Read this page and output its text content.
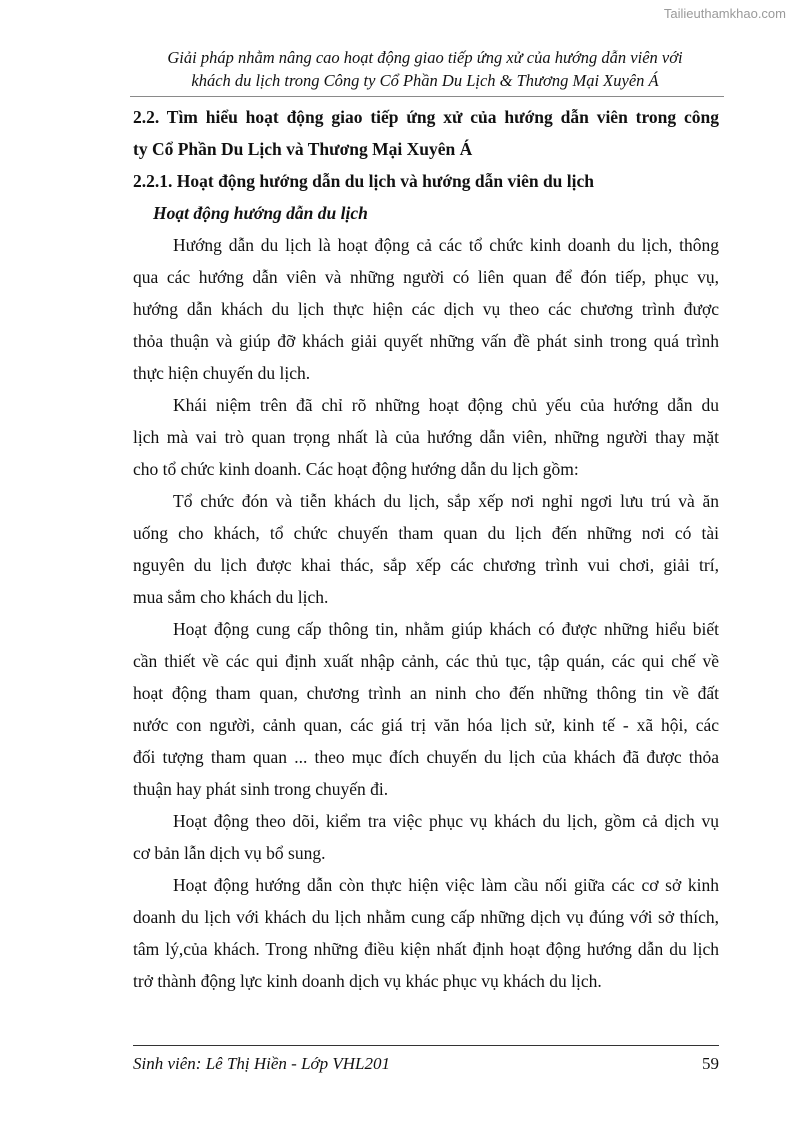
Tailieuthamkhao.com
Giải pháp nhằm nâng cao hoạt động giao tiếp ứng xử của hướng dẫn viên với
khách du lịch trong Công ty Cổ Phần Du Lịch & Thương Mại Xuyên Á
2.2. Tìm hiểu hoạt động giao tiếp ứng xử của hướng dẫn viên trong công
ty Cổ Phần Du Lịch và Thương Mại Xuyên Á
2.2.1. Hoạt động hướng dẫn du lịch và hướng dẫn viên du lịch
Hoạt động hướng dẫn du lịch
Hướng dẫn du lịch là hoạt động cả các tổ chức kinh doanh du lịch, thông
qua các hướng dẫn viên và những người có liên quan để đón tiếp, phục vụ,
hướng dẫn khách du lịch thực hiện các dịch vụ theo các chương trình được
thỏa thuận và giúp đỡ khách giải quyết những vấn đề phát sinh trong quá trình
thực hiện chuyến du lịch.
Khái niệm trên đã chỉ rõ những hoạt động chủ yếu của hướng dẫn du
lịch mà vai trò quan trọng nhất là của hướng dẫn viên, những người thay mặt
cho tổ chức kinh doanh. Các hoạt động hướng dẫn du lịch gồm:
Tổ chức đón và tiễn khách du lịch, sắp xếp nơi nghỉ ngơi lưu trú và ăn
uống cho khách, tổ chức chuyến tham quan du lịch đến những nơi có tài
nguyên du lịch được khai thác, sắp xếp các chương trình vui chơi, giải trí,
mua sắm cho khách du lịch.
Hoạt động cung cấp thông tin, nhằm giúp khách có được những hiểu biết
cần thiết về các qui định xuất nhập cảnh, các thủ tục, tập quán, các qui chế về
hoạt động tham quan, chương trình an ninh cho đến những thông tin về đất
nước con người, cảnh quan, các giá trị văn hóa lịch sử, kinh tế - xã hội, các
đối tượng tham quan ... theo mục đích chuyến du lịch của khách đã được thỏa
thuận hay phát sinh trong chuyến đi.
Hoạt động theo dõi, kiểm tra việc phục vụ khách du lịch, gồm cả dịch vụ
cơ bản lẫn dịch vụ bổ sung.
Hoạt động hướng dẫn còn thực hiện việc làm cầu nối giữa các cơ sở kinh
doanh du lịch với khách du lịch nhằm cung cấp những dịch vụ đúng với sở thích,
tâm lý,của khách. Trong những điều kiện nhất định hoạt động hướng dẫn du lịch
trở thành động lực kinh doanh dịch vụ khác phục vụ khách du lịch.
Sinh viên: Lê Thị Hiền - Lớp VHL201	59
